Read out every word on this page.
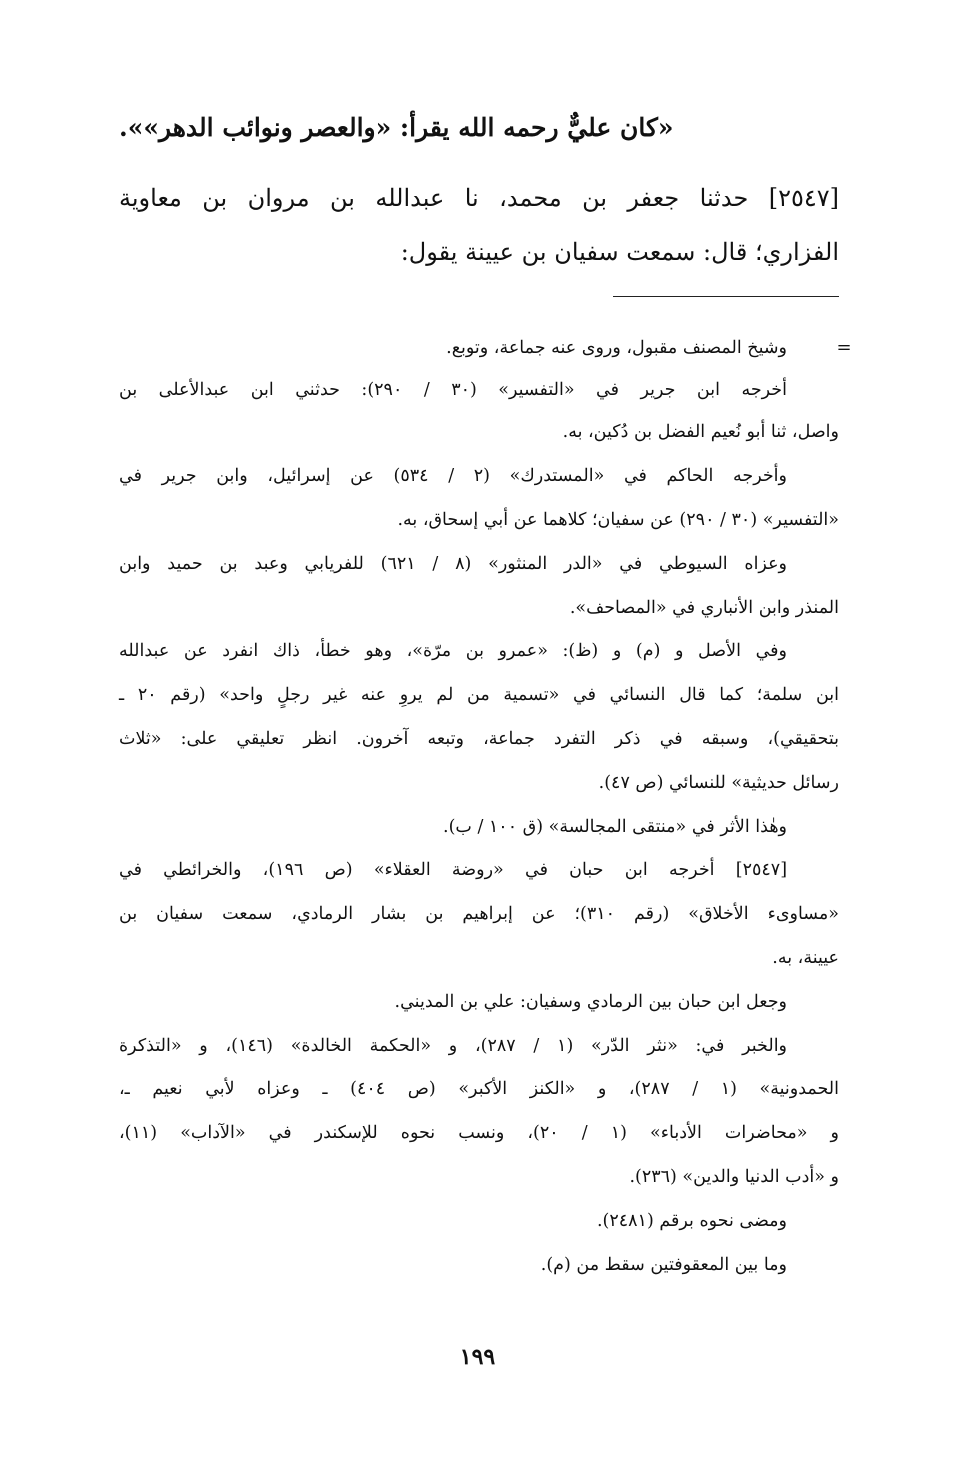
«كان عليٌّ رحمه الله يقرأ: «والعصر ونوائب الدهر»».
[٢٥٤٧] حدثنا جعفر بن محمد، نا عبدالله بن مروان بن معاوية
الفزاري؛ قال: سمعت سفيان بن عيينة يقول:
=
وشيخ المصنف مقبول، وروى عنه جماعة، وتوبع.
أخرجه ابن جرير في «التفسير» (٣٠ / ٢٩٠): حدثني ابن عبدالأعلى بن
واصل، ثنا أبو نُعيم الفضل بن دُكين، به.
وأخرجه الحاكم في «المستدرك» (٢ / ٥٣٤) عن إسرائيل، وابن جرير في
«التفسير» (٣٠ / ٢٩٠) عن سفيان؛ كلاهما عن أبي إسحاق، به.
وعزاه السيوطي في «الدر المنثور» (٨ / ٦٢١) للفريابي وعبد بن حميد وابن
المنذر وابن الأنباري في «المصاحف».
وفي الأصل و (م) و (ظ): «عمرو بن مرّة»، وهو خطأ، ذاك انفرد عن عبدالله
ابن سلمة؛ كما قال النسائي في «تسمية من لم يروِ عنه غير رجلٍ واحد» (رقم ٢٠ ـ
بتحقيقي)، وسبقه في ذكر التفرد جماعة، وتبعه آخرون. انظر تعليقي على: «ثلاث
رسائل حديثية» للنسائي (ص ٤٧).
وهٰذا الأثر في «منتقى المجالسة» (ق ١٠٠ / ب).
[٢٥٤٧] أخرجه ابن حبان في «روضة العقلاء» (ص ١٩٦)، والخرائطي في
«مساوىء الأخلاق» (رقم ٣١٠)؛ عن إبراهيم بن بشار الرمادي، سمعت سفيان بن
عيينة، به.
وجعل ابن حبان بين الرمادي وسفيان: علي بن المديني.
والخبر في: «نثر الدّر» (١ / ٢٨٧)، و «الحكمة الخالدة» (١٤٦)، و «التذكرة
الحمدونية» (١ / ٢٨٧)، و «الكنز الأكبر» (ص ٤٠٤) ـ وعزاه لأبي نعيم ـ،
و «محاضرات الأدباء» (١ / ٢٠)، ونسب نحوه للإسكندر في «الآداب» (١١)،
و «أدب الدنيا والدين» (٢٣٦).
ومضى نحوه برقم (٢٤٨١).
وما بين المعقوفتين سقط من (م).
١٩٩
